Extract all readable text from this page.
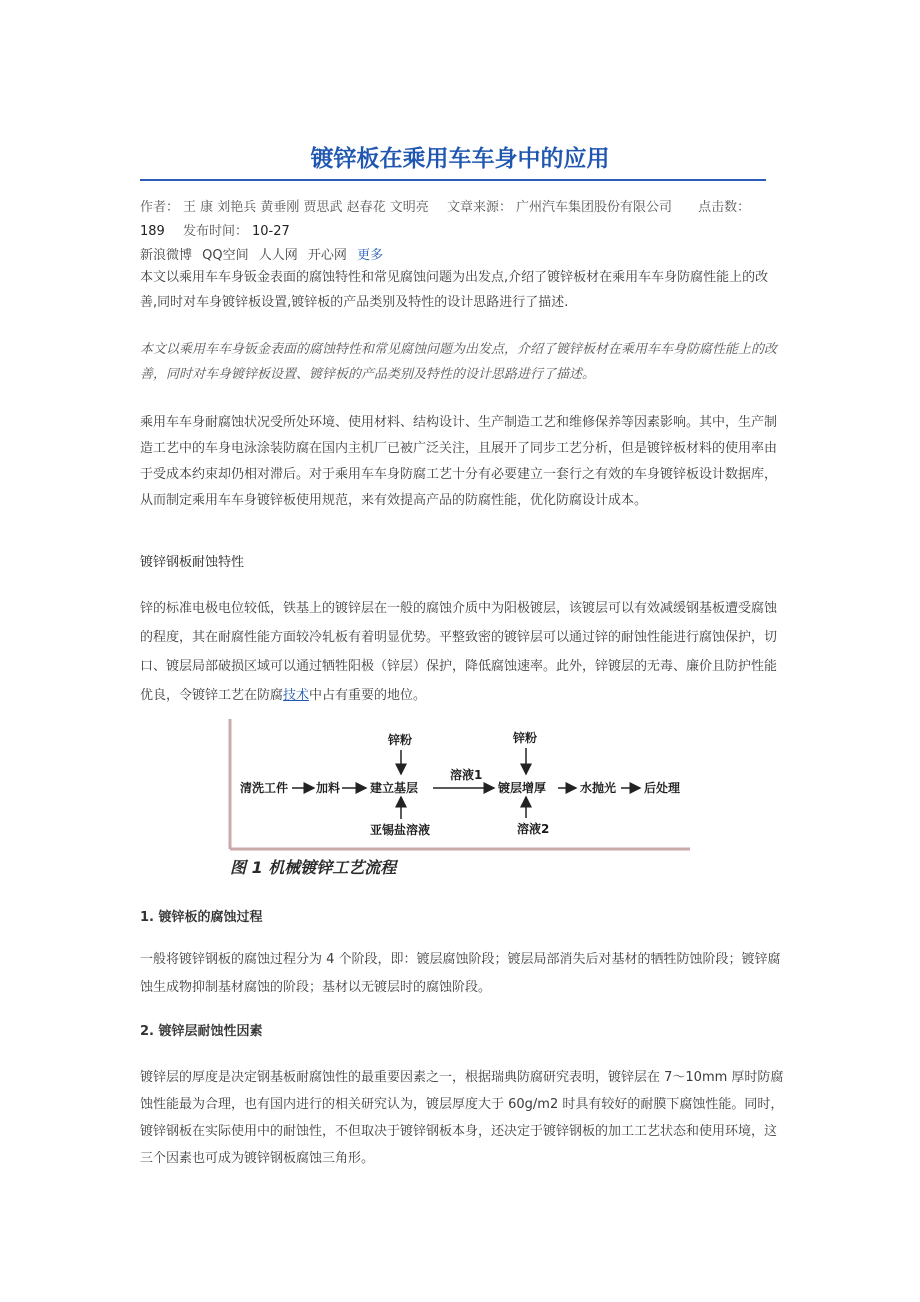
镀锌板在乘用车车身中的应用
作者： 王 康 刘艳兵 黄垂刚 贾思武 赵春花 文明亮 文章来源： 广州汽车集团股份有限公司 点击数：
189 发布时间： 10-27
新浪微博 QQ空间 人人网 开心网 更多

本文以乘用车车身钣金表面的腐蚀特性和常见腐蚀问题为出发点,介绍了镀锌板材在乘用车车身防腐性能上的改善,同时对车身镀锌板设置,镀锌板的产品类别及特性的设计思路进行了描述.

本文以乘用车车身钣金表面的腐蚀特性和常见腐蚀问题为出发点，介绍了镀锌板材在乘用车车身防腐性能上的改善，同时对车身镀锌板设置、镀锌板的产品类别及特性的设计思路进行了描述。

乘用车车身耐腐蚀状况受所处环境、使用材料、结构设计、生产制造工艺和维修保养等因素影响。其中，生产制造工艺中的车身电泳涂装防腐在国内主机厂已被广泛关注，且展开了同步工艺分析，但是镀锌板材料的使用率由于受成本约束却仍相对滞后。对于乘用车车身防腐工艺十分有必要建立一套行之有效的车身镀锌板设计数据库，从而制定乘用车车身镀锌板使用规范，来有效提高产品的防腐性能，优化防腐设计成本。

镀锌钢板耐蚀特性

锌的标准电极电位较低，铁基上的镀锌层在一般的腐蚀介质中为阳极镀层，该镀层可以有效减缓钢基板遭受腐蚀的程度，其在耐腐性能方面较冷轧板有着明显优势。平整致密的镀锌层可以通过锌的耐蚀性能进行腐蚀保护，切口、镀层局部破损区域可以通过牺牲阳极（锌层）保护，降低腐蚀速率。此外，锌镀层的无毒、廉价且防护性能优良，令镀锌工艺在防腐技术中占有重要的地位。

清洗工件 加料 建立基层
锌粉
亚锡盐溶液
溶液1
镀层增厚
锌粉
溶液2
水抛光 后处理
图 1 机械镀锌工艺流程
1. 镀锌板的腐蚀过程

一般将镀锌钢板的腐蚀过程分为 4 个阶段，即：镀层腐蚀阶段；镀层局部消失后对基材的牺牲防蚀阶段；镀锌腐蚀生成物抑制基材腐蚀的阶段；基材以无镀层时的腐蚀阶段。

2. 镀锌层耐蚀性因素

镀锌层的厚度是决定钢基板耐腐蚀性的最重要因素之一，根据瑞典防腐研究表明，镀锌层在 7～10mm 厚时防腐蚀性能最为合理，也有国内进行的相关研究认为，镀层厚度大于 60g/m2 时具有较好的耐膜下腐蚀性能。同时，镀锌钢板在实际使用中的耐蚀性，不但取决于镀锌钢板本身，还决定于镀锌钢板的加工工艺状态和使用环境，这三个因素也可成为镀锌钢板腐蚀三角形。
